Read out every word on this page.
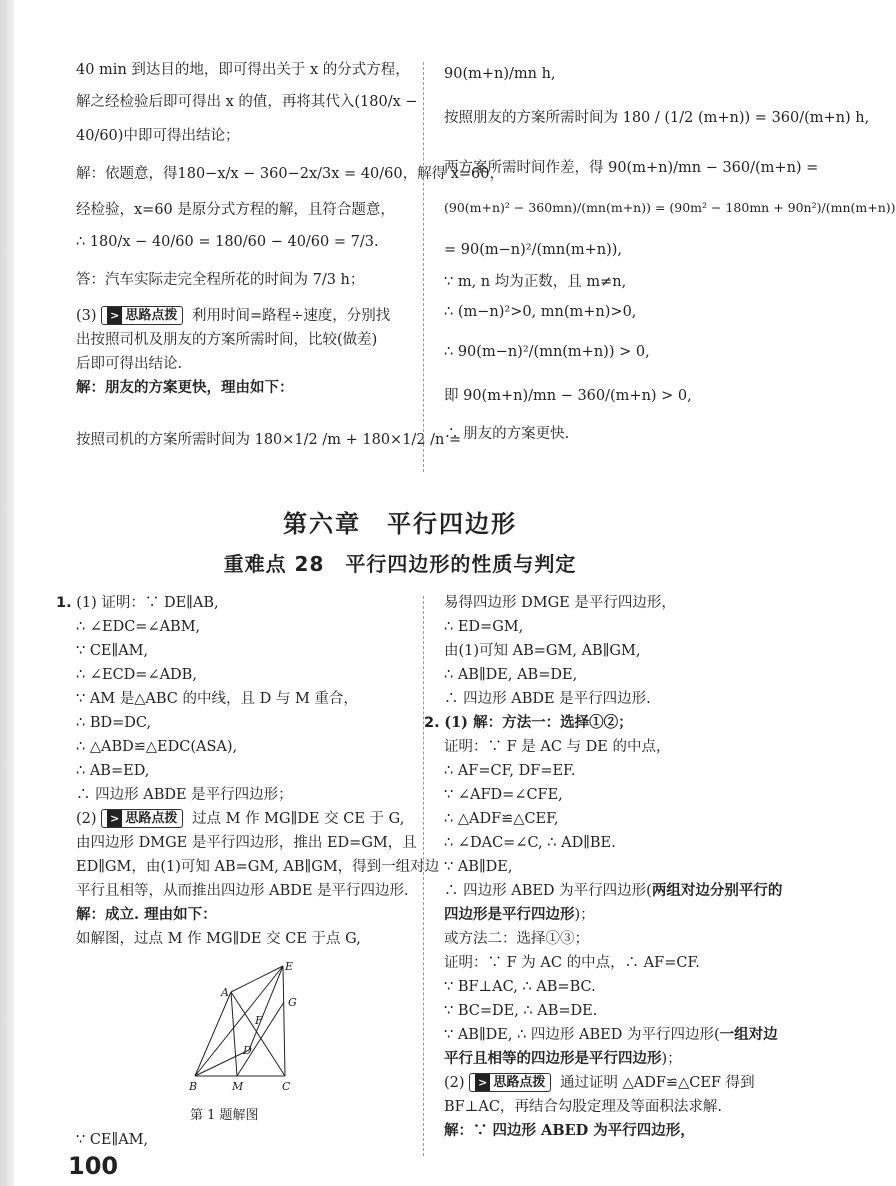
40 min 到达目的地，即可得出关于 x 的分式方程，
解之经检验后即可得出 x 的值，再将其代入(180/x −
40/60)中即可得出结论；
解：依题意，得180−x/x − 360−2x/3x = 40/60，解得 x=60，
经检验，x=60 是原分式方程的解，且符合题意，
∴ 180/x − 40/60 = 180/60 − 40/60 = 7/3.
答：汽车实际走完全程所花的时间为 7/3 h；
(3) > 思路点拨 利用时间=路程÷速度，分别找
出按照司机及朋友的方案所需时间，比较(做差)
后即可得出结论.
解：朋友的方案更快，理由如下：
按照司机的方案所需时间为 180×1/2 /m + 180×1/2 /n =
90(m+n)/mn h,
按照朋友的方案所需时间为 180 / (1/2 (m+n)) = 360/(m+n) h,
两方案所需时间作差，得 90(m+n)/mn − 360/(m+n) =
(90(m+n)² − 360mn)/(mn(m+n)) = (90m² − 180mn + 90n²)/(mn(m+n))
= 90(m−n)²/(mn(m+n)),
∵ m, n 均为正数，且 m≠n,
∴ (m−n)²>0, mn(m+n)>0,
∴ 90(m−n)²/(mn(m+n)) > 0,
即 90(m+n)/mn − 360/(m+n) > 0,
∴ 朋友的方案更快.
第六章　平行四边形
重难点 28　平行四边形的性质与判定
1. (1) 证明：∵ DE∥AB,
∴ ∠EDC=∠ABM,
∵ CE∥AM,
∴ ∠ECD=∠ADB,
∵ AM 是△ABC 的中线，且 D 与 M 重合，
∴ BD=DC,
∴ △ABD≌△EDC(ASA),
∴ AB=ED,
∴ 四边形 ABDE 是平行四边形；
(2) > 思路点拨 过点 M 作 MG∥DE 交 CE 于 G,
由四边形 DMGE 是平行四边形，推出 ED=GM，且
ED∥GM，由(1)可知 AB=GM, AB∥GM，得到一组对边
平行且相等，从而推出四边形 ABDE 是平行四边形.
解：成立. 理由如下：
如解图，过点 M 作 MG∥DE 交 CE 于点 G,
E
A
G
F
D
B	M	C
第 1 题解图
∵ CE∥AM,
易得四边形 DMGE 是平行四边形，
∴ ED=GM,
由(1)可知 AB=GM, AB∥GM,
∴ AB∥DE, AB=DE,
∴ 四边形 ABDE 是平行四边形.
2. (1) 解：方法一：选择①②；
证明：∵ F 是 AC 与 DE 的中点，
∴ AF=CF, DF=EF.
∵ ∠AFD=∠CFE,
∴ △ADF≌△CEF,
∴ ∠DAC=∠C, ∴ AD∥BE.
∵ AB∥DE,
∴ 四边形 ABED 为平行四边形(两组对边分别平行的四边形是平行四边形)；
或方法二：选择①③；
证明：∵ F 为 AC 的中点，∴ AF=CF.
∵ BF⊥AC, ∴ AB=BC.
∵ BC=DE, ∴ AB=DE.
∵ AB∥DE, ∴ 四边形 ABED 为平行四边形(一组对边平行且相等的四边形是平行四边形)；
(2) > 思路点拨 通过证明 △ADF≌△CEF 得到
BF⊥AC，再结合勾股定理及等面积法求解.
解：∵ 四边形 ABED 为平行四边形，
100
